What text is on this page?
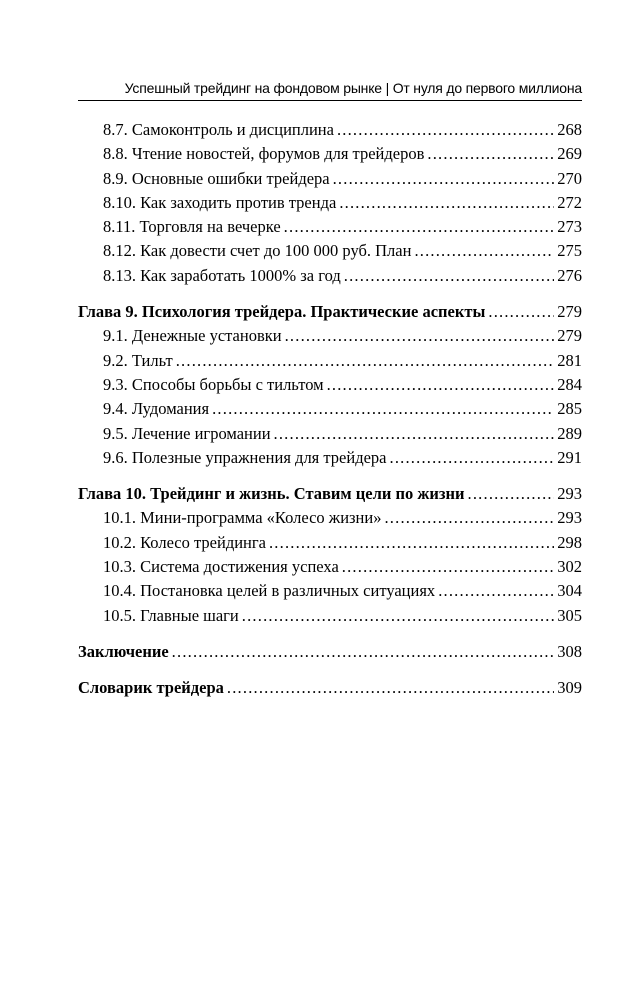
Успешный трейдинг на фондовом рынке | От нуля до первого миллиона
8.7. Самоконтроль и дисциплина .....	268
8.8. Чтение новостей, форумов для трейдеров .....	269
8.9. Основные ошибки трейдера .....	270
8.10. Как заходить против тренда .....	272
8.11. Торговля на вечерке .....	273
8.12. Как довести счет до 100 000 руб. План .....	275
8.13. Как заработать 1000% за год .....	276
Глава 9. Психология трейдера. Практические аспекты .....	279
9.1. Денежные установки .....	279
9.2. Тильт .....	281
9.3. Способы борьбы с тильтом .....	284
9.4. Лудомания .....	285
9.5. Лечение игромании .....	289
9.6. Полезные упражнения для трейдера .....	291
Глава 10. Трейдинг и жизнь. Ставим цели по жизни .....	293
10.1. Мини-программа «Колесо жизни» .....	293
10.2. Колесо трейдинга .....	298
10.3. Система достижения успеха .....	302
10.4. Постановка целей в различных ситуациях .....	304
10.5. Главные шаги .....	305
Заключение .....	308
Словарик трейдера .....	309
